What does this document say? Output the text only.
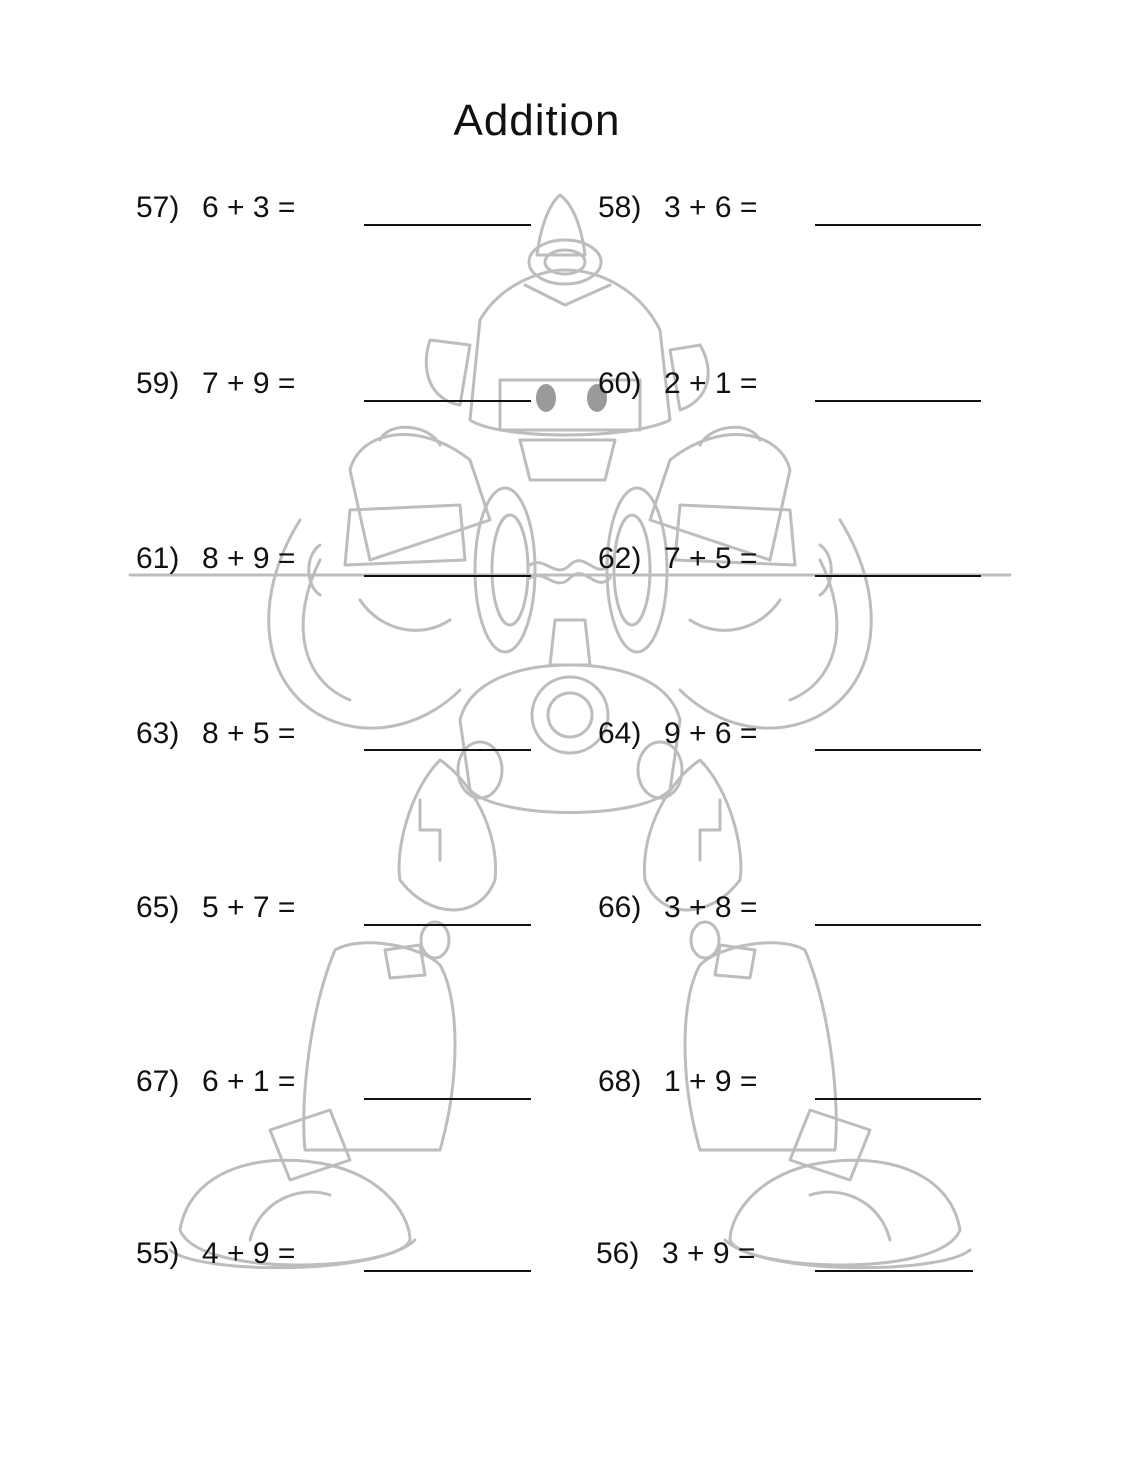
Addition
57) 6 + 3 =	58) 3 + 6 =
59) 7 + 9 =	60) 2 + 1 =
61) 8 + 9 =	62) 7 + 5 =
63) 8 + 5 =	64) 9 + 6 =
65) 5 + 7 =	66) 3 + 8 =
67) 6 + 1 =	68) 1 + 9 =
55) 4 + 9 =	56) 3 + 9 =
